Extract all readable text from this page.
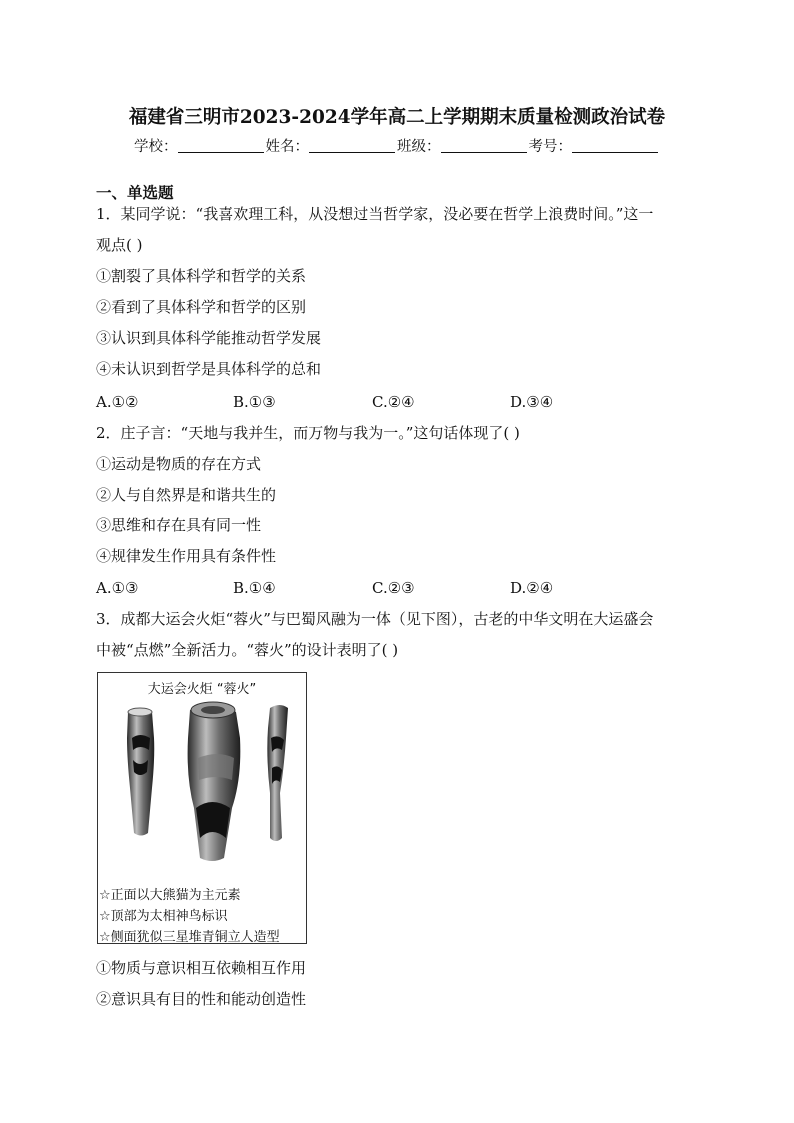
福建省三明市2023-2024学年高二上学期期末质量检测政治试卷
学校：	姓名：	班级：	考号：
一、单选题
1．某同学说：“我喜欢理工科，从没想过当哲学家，没必要在哲学上浪费时间。”这一
观点( )
①割裂了具体科学和哲学的关系
②看到了具体科学和哲学的区别
③认识到具体科学能推动哲学发展
④未认识到哲学是具体科学的总和
A.①②	B.①③	C.②④	D.③④
2．庄子言：“天地与我并生，而万物与我为一。”这句话体现了( )
①运动是物质的存在方式
②人与自然界是和谐共生的
③思维和存在具有同一性
④规律发生作用具有条件性
A.①③	B.①④	C.②③	D.②④
3．成都大运会火炬“蓉火”与巴蜀风融为一体（见下图），古老的中华文明在大运盛会
中被“点燃”全新活力。“蓉火”的设计表明了( )
大运会火炬 “蓉火”
☆正面以大熊猫为主元素
☆顶部为太相神鸟标识
☆侧面犹似三星堆青铜立人造型
①物质与意识相互依赖相互作用
②意识具有目的性和能动创造性
